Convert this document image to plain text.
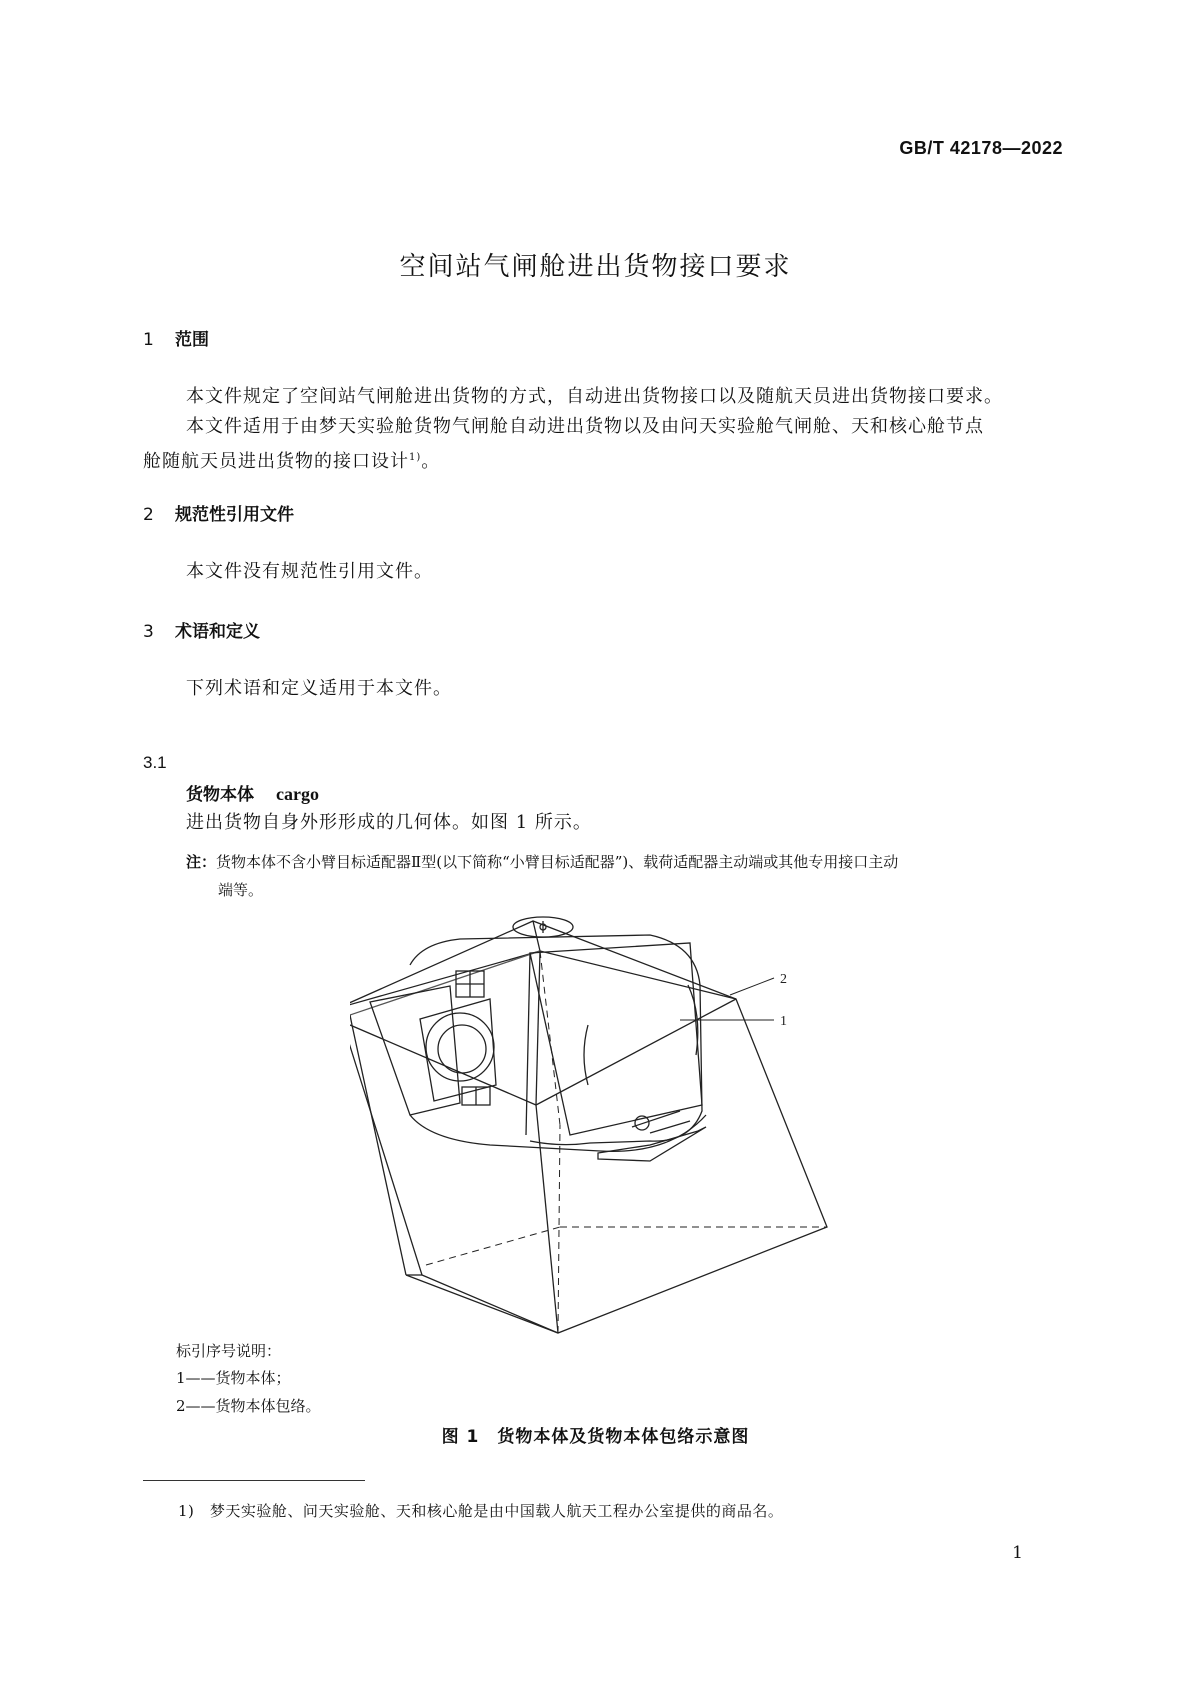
GB/T 42178—2022
空间站气闸舱进出货物接口要求
1 范围
本文件规定了空间站气闸舱进出货物的方式，自动进出货物接口以及随航天员进出货物接口要求。
本文件适用于由梦天实验舱货物气闸舱自动进出货物以及由问天实验舱气闸舱、天和核心舱节点
舱随航天员进出货物的接口设计$^{1)}$。
2 规范性引用文件
本文件没有规范性引用文件。
3 术语和定义
下列术语和定义适用于本文件。
3.1
货物本体 cargo
进出货物自身外形形成的几何体。如图 1 所示。
注：货物本体不含小臂目标适配器Ⅱ型(以下简称“小臂目标适配器”)、载荷适配器主动端或其他专用接口主动
端等。
2
1
标引序号说明：
1——货物本体；
2——货物本体包络。
图 1　货物本体及货物本体包络示意图
1)　梦天实验舱、问天实验舱、天和核心舱是由中国载人航天工程办公室提供的商品名。
1
